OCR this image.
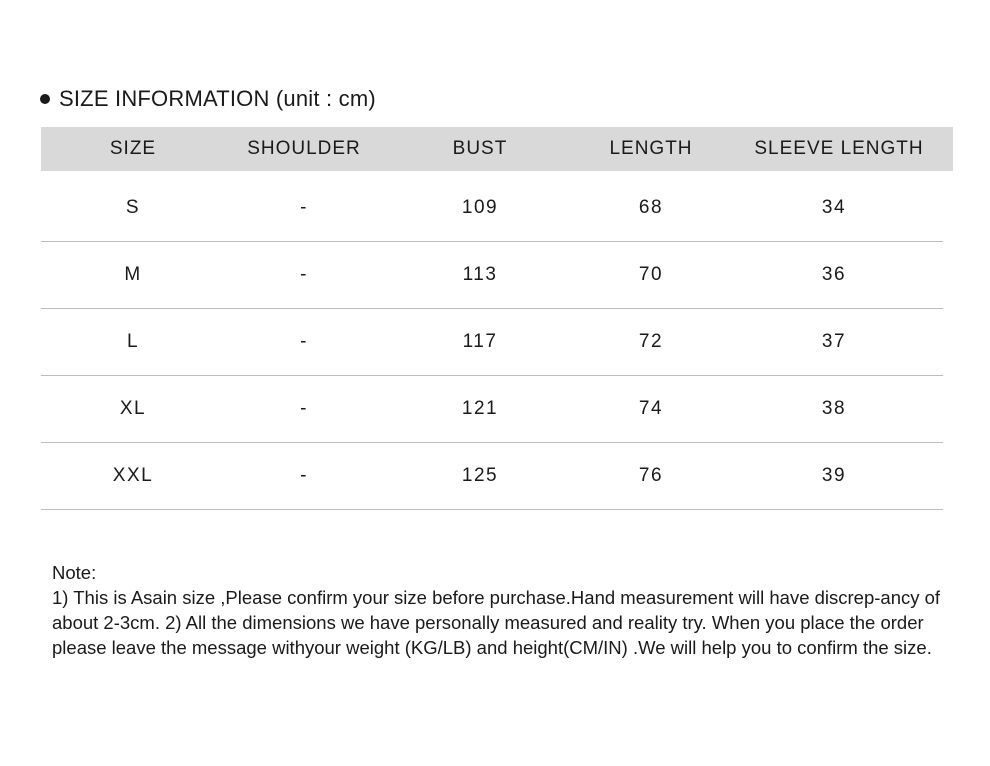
SIZE INFORMATION (unit : cm)
SIZE	SHOULDER	BUST	LENGTH	SLEEVE LENGTH
S	-	109	68	34
M	-	113	70	36
L	-	117	72	37
XL	-	121	74	38
XXL	-	125	76	39

Note:

1) This is Asain size ,Please confirm your size before purchase.Hand measurement will have discrep-ancy of about 2-3cm. 2) All the dimensions we have personally measured and reality try. When you place the order please leave the message withyour weight (KG/LB) and height(CM/IN) .We will help you to confirm the size.
